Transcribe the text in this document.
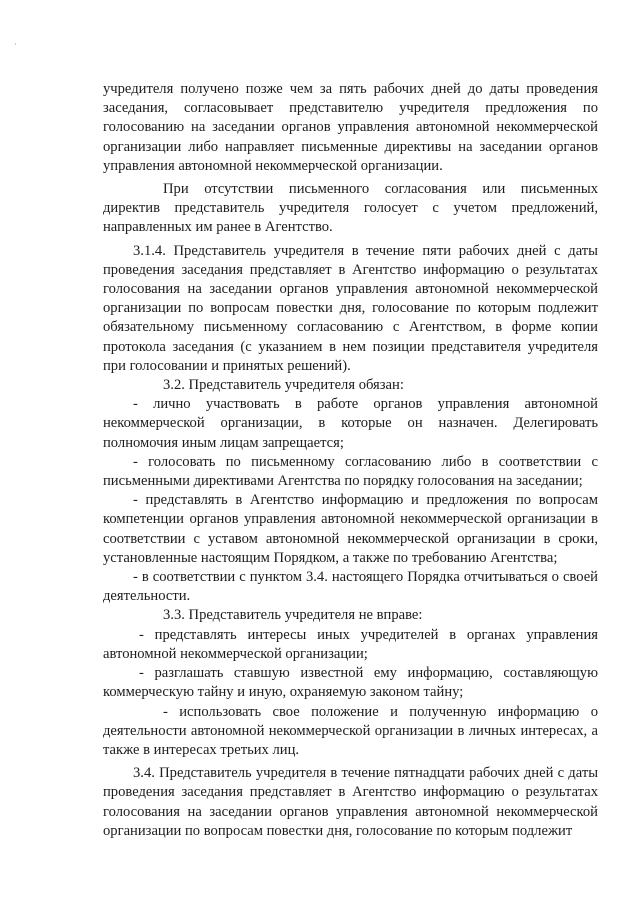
·

учредителя получено позже чем за пять рабочих дней до даты проведения заседания, согласовывает представителю учредителя предложения по голосованию на заседании органов управления автономной некоммерческой организации либо направляет письменные директивы на заседании органов управления автономной некоммерческой организации.

При отсутствии письменного согласования или письменных директив представитель учредителя голосует с учетом предложений, направленных им ранее в Агентство.

3.1.4. Представитель учредителя в течение пяти рабочих дней с даты проведения заседания представляет в Агентство информацию о результатах голосования на заседании органов управления автономной некоммерческой организации по вопросам повестки дня, голосование по которым подлежит обязательному письменному согласованию с Агентством, в форме копии протокола заседания (с указанием в нем позиции представителя учредителя при голосовании и принятых решений).

3.2. Представитель учредителя обязан:

- лично участвовать в работе органов управления автономной некоммерческой организации, в которые он назначен. Делегировать полномочия иным лицам запрещается;

- голосовать по письменному согласованию либо в соответствии с письменными директивами Агентства по порядку голосования на заседании;

- представлять в Агентство информацию и предложения по вопросам компетенции органов управления автономной некоммерческой организации в соответствии с уставом автономной некоммерческой организации в сроки, установленные настоящим Порядком, а также по требованию Агентства;

- в соответствии с пунктом 3.4. настоящего Порядка отчитываться о своей деятельности.

3.3. Представитель учредителя не вправе:

- представлять интересы иных учредителей в органах управления автономной некоммерческой организации;

- разглашать ставшую известной ему информацию, составляющую коммерческую тайну и иную, охраняемую законом тайну;

- использовать свое положение и полученную информацию о деятельности автономной некоммерческой организации в личных интересах, а также в интересах третьих лиц.

3.4. Представитель учредителя в течение пятнадцати рабочих дней с даты проведения заседания представляет в Агентство информацию о результатах голосования на заседании органов управления автономной некоммерческой организации по вопросам повестки дня, голосование по которым подлежит
